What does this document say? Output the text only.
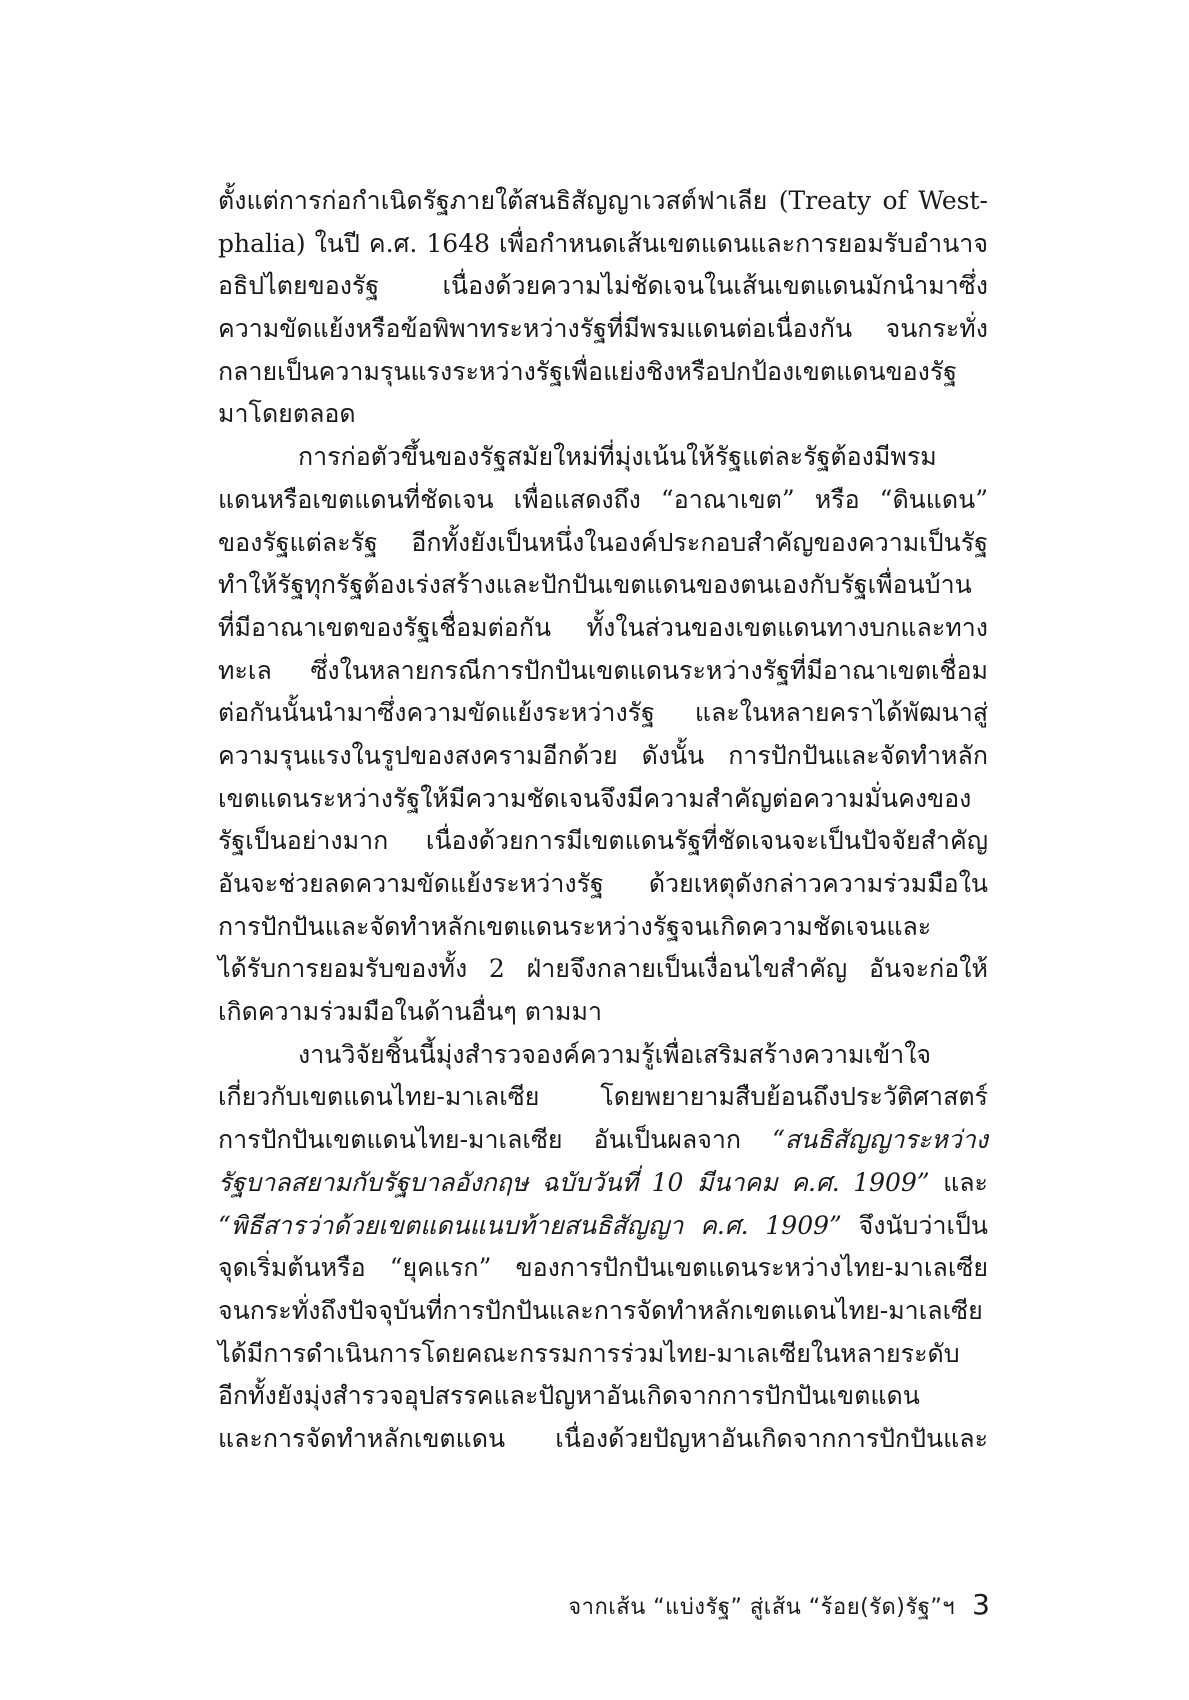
ตั้งแต่การก่อกำเนิดรัฐภายใต้สนธิสัญญาเวสต์ฟาเลีย (Treaty of West-
phalia) ในปี ค.ศ. 1648 เพื่อกำหนดเส้นเขตแดนและการยอมรับอำนาจ
อธิปไตยของรัฐ เนื่องด้วยความไม่ชัดเจนในเส้นเขตแดนมักนำมาซึ่ง
ความขัดแย้งหรือข้อพิพาทระหว่างรัฐที่มีพรมแดนต่อเนื่องกัน จนกระทั่ง
กลายเป็นความรุนแรงระหว่างรัฐเพื่อแย่งชิงหรือปกป้องเขตแดนของรัฐ
มาโดยตลอด
การก่อตัวขึ้นของรัฐสมัยใหม่ที่มุ่งเน้นให้รัฐแต่ละรัฐต้องมีพรม
แดนหรือเขตแดนที่ชัดเจน เพื่อแสดงถึง “อาณาเขต” หรือ “ดินแดน”
ของรัฐแต่ละรัฐ อีกทั้งยังเป็นหนึ่งในองค์ประกอบสำคัญของความเป็นรัฐ
ทำให้รัฐทุกรัฐต้องเร่งสร้างและปักปันเขตแดนของตนเองกับรัฐเพื่อนบ้าน
ที่มีอาณาเขตของรัฐเชื่อมต่อกัน ทั้งในส่วนของเขตแดนทางบกและทาง
ทะเล ซึ่งในหลายกรณีการปักปันเขตแดนระหว่างรัฐที่มีอาณาเขตเชื่อม
ต่อกันนั้นนำมาซึ่งความขัดแย้งระหว่างรัฐ และในหลายคราได้พัฒนาสู่
ความรุนแรงในรูปของสงครามอีกด้วย ดังนั้น การปักปันและจัดทำหลัก
เขตแดนระหว่างรัฐให้มีความชัดเจนจึงมีความสำคัญต่อความมั่นคงของ
รัฐเป็นอย่างมาก เนื่องด้วยการมีเขตแดนรัฐที่ชัดเจนจะเป็นปัจจัยสำคัญ
อันจะช่วยลดความขัดแย้งระหว่างรัฐ ด้วยเหตุดังกล่าวความร่วมมือใน
การปักปันและจัดทำหลักเขตแดนระหว่างรัฐจนเกิดความชัดเจนและ
ได้รับการยอมรับของทั้ง 2 ฝ่ายจึงกลายเป็นเงื่อนไขสำคัญ อันจะก่อให้
เกิดความร่วมมือในด้านอื่นๆ ตามมา
งานวิจัยชิ้นนี้มุ่งสำรวจองค์ความรู้เพื่อเสริมสร้างความเข้าใจ
เกี่ยวกับเขตแดนไทย-มาเลเซีย โดยพยายามสืบย้อนถึงประวัติศาสตร์
การปักปันเขตแดนไทย-มาเลเซีย อันเป็นผลจาก “สนธิสัญญาระหว่าง
รัฐบาลสยามกับรัฐบาลอังกฤษ ฉบับวันที่ 10 มีนาคม ค.ศ. 1909” และ
“พิธีสารว่าด้วยเขตแดนแนบท้ายสนธิสัญญา ค.ศ. 1909” จึงนับว่าเป็น
จุดเริ่มต้นหรือ “ยุคแรก” ของการปักปันเขตแดนระหว่างไทย-มาเลเซีย
จนกระทั่งถึงปัจจุบันที่การปักปันและการจัดทำหลักเขตแดนไทย-มาเลเซีย
ได้มีการดำเนินการโดยคณะกรรมการร่วมไทย-มาเลเซียในหลายระดับ
อีกทั้งยังมุ่งสำรวจอุปสรรคและปัญหาอันเกิดจากการปักปันเขตแดน
และการจัดทำหลักเขตแดน เนื่องด้วยปัญหาอันเกิดจากการปักปันและ
จากเส้น “แบ่งรัฐ” สู่เส้น “ร้อย(รัด)รัฐ”ฯ 3
